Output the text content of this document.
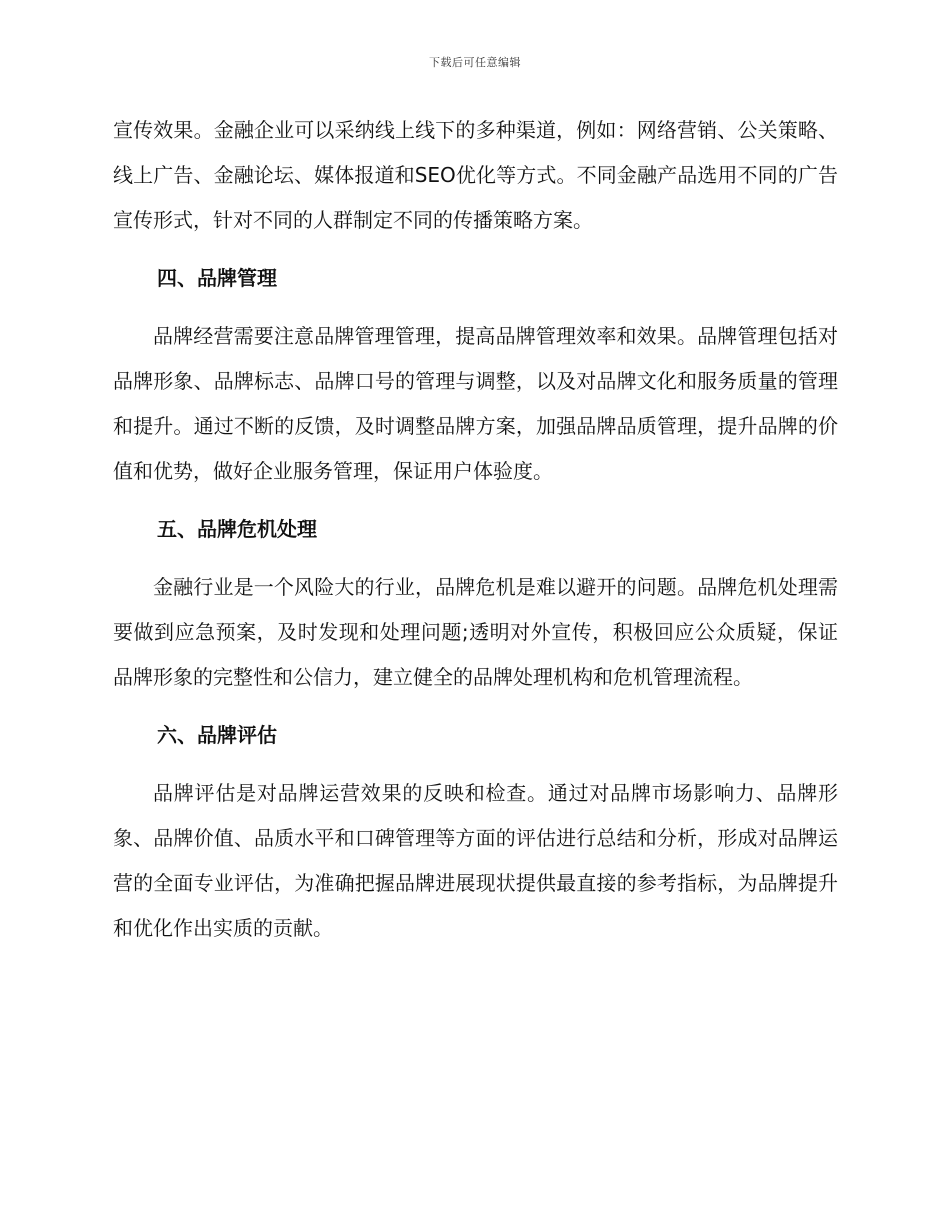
下载后可任意编辑

宣传效果。金融企业可以采纳线上线下的多种渠道，例如：网络营销、公关策略、线上广告、金融论坛、媒体报道和SEO优化等方式。不同金融产品选用不同的广告宣传形式，针对不同的人群制定不同的传播策略方案。

四、品牌管理

品牌经营需要注意品牌管理管理，提高品牌管理效率和效果。品牌管理包括对品牌形象、品牌标志、品牌口号的管理与调整，以及对品牌文化和服务质量的管理和提升。通过不断的反馈，及时调整品牌方案，加强品牌品质管理，提升品牌的价值和优势，做好企业服务管理，保证用户体验度。

五、品牌危机处理

金融行业是一个风险大的行业，品牌危机是难以避开的问题。品牌危机处理需要做到应急预案，及时发现和处理问题;透明对外宣传，积极回应公众质疑，保证品牌形象的完整性和公信力，建立健全的品牌处理机构和危机管理流程。

六、品牌评估

品牌评估是对品牌运营效果的反映和检查。通过对品牌市场影响力、品牌形象、品牌价值、品质水平和口碑管理等方面的评估进行总结和分析，形成对品牌运营的全面专业评估，为准确把握品牌进展现状提供最直接的参考指标，为品牌提升和优化作出实质的贡献。
